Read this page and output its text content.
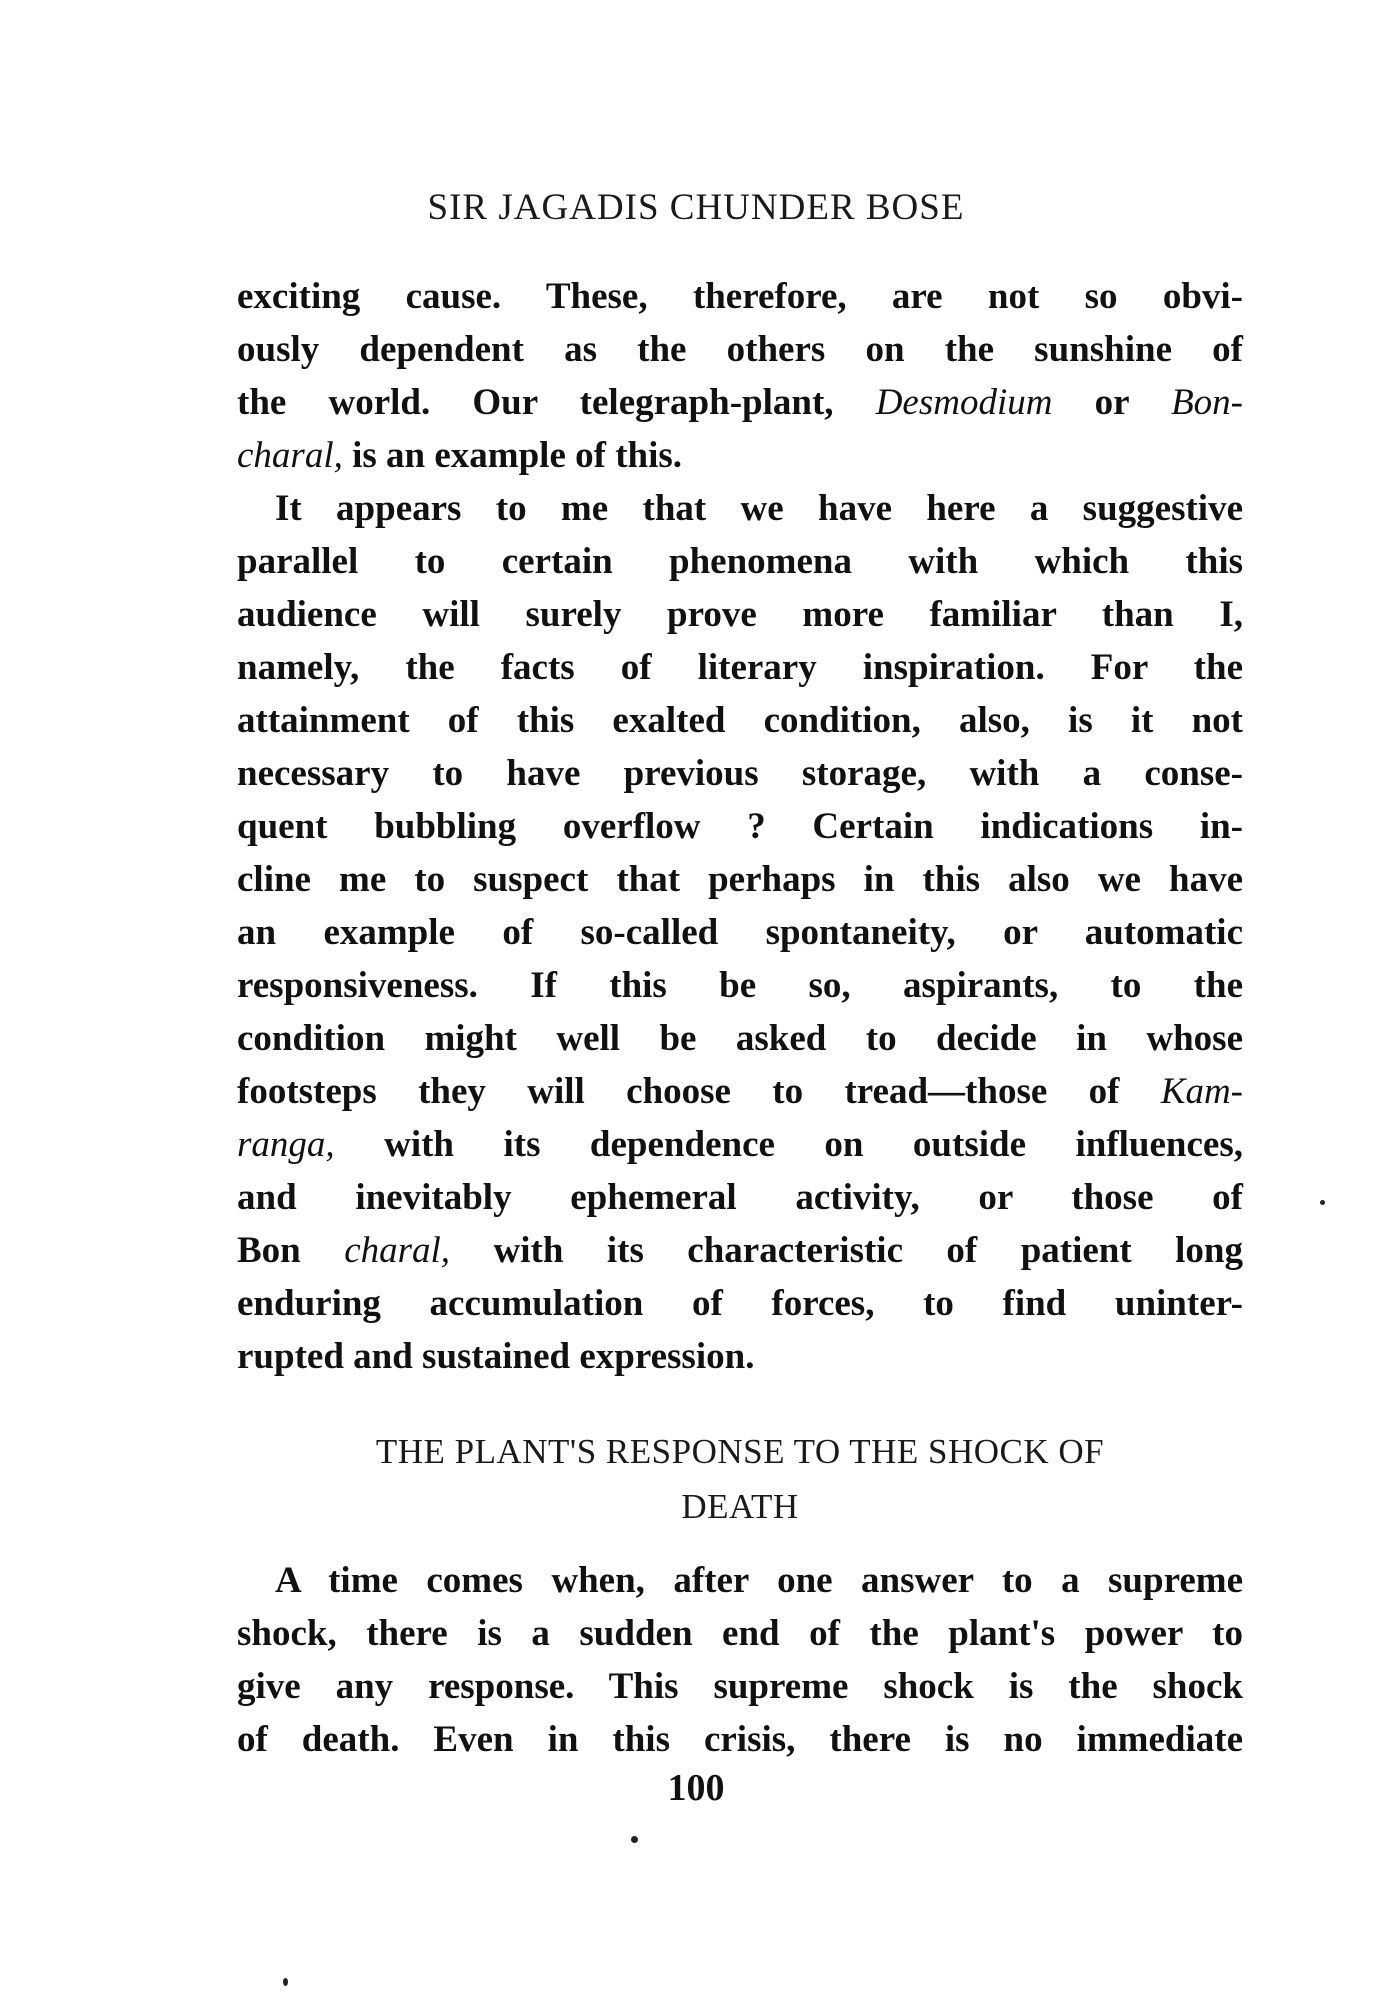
SIR JAGADIS CHUNDER BOSE
exciting cause. These, therefore, are not so obvi-
ously dependent as the others on the sunshine of
the world. Our telegraph-plant, Desmodium or Bon-
charal, is an example of this.
It appears to me that we have here a suggestive
parallel to certain phenomena with which this
audience will surely prove more familiar than I,
namely, the facts of literary inspiration. For the
attainment of this exalted condition, also, is it not
necessary to have previous storage, with a conse-
quent bubbling overflow ? Certain indications in-
cline me to suspect that perhaps in this also we have
an example of so-called spontaneity, or automatic
responsiveness. If this be so, aspirants, to the
condition might well be asked to decide in whose
footsteps they will choose to tread—those of Kam-
ranga, with its dependence on outside influences,
and inevitably ephemeral activity, or those of
Bon charal, with its characteristic of patient long
enduring accumulation of forces, to find uninter-
rupted and sustained expression.
THE PLANT'S RESPONSE TO THE SHOCK OF
DEATH
A time comes when, after one answer to a supreme
shock, there is a sudden end of the plant's power to
give any response. This supreme shock is the shock
of death. Even in this crisis, there is no immediate
100
